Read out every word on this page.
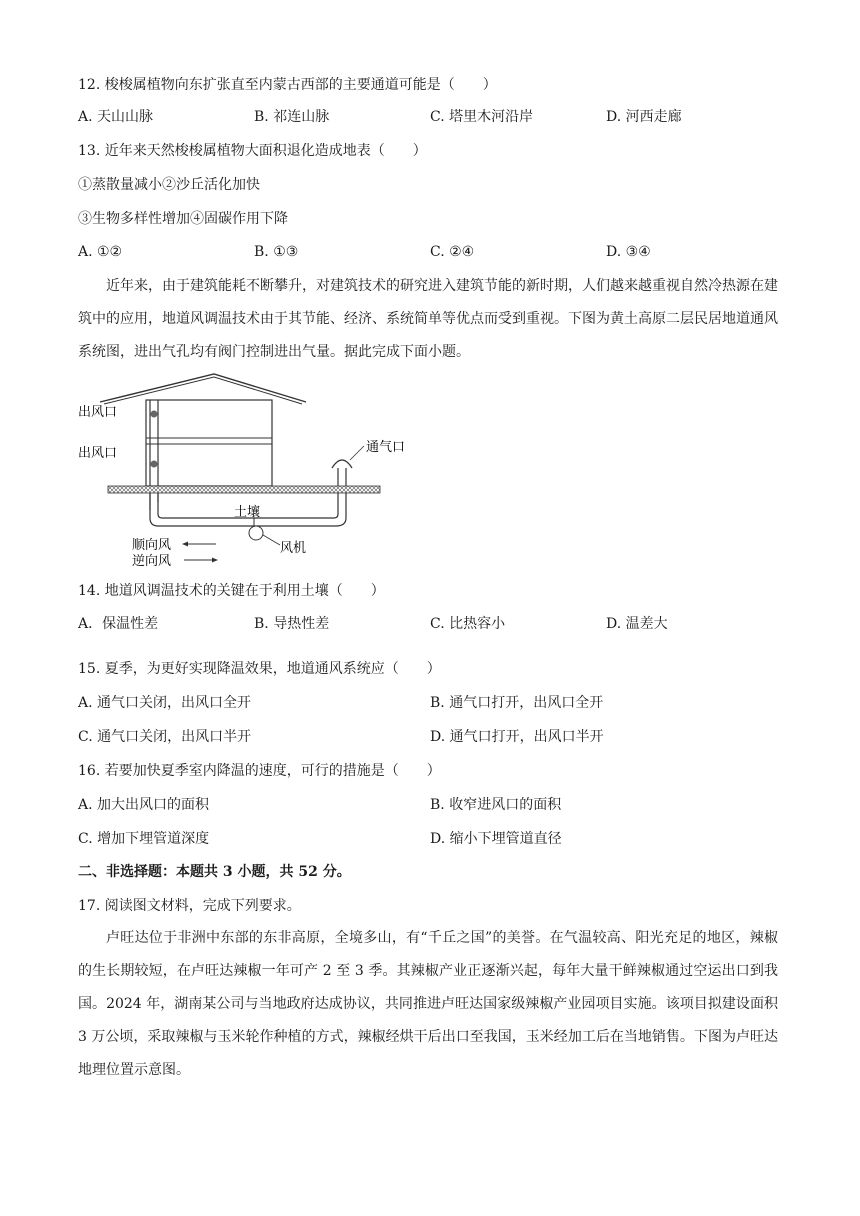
12. 梭梭属植物向东扩张直至内蒙古西部的主要通道可能是（　　）
A. 天山山脉	B. 祁连山脉	C. 塔里木河沿岸	D. 河西走廊
13. 近年来天然梭梭属植物大面积退化造成地表（　　）
①蒸散量减小②沙丘活化加快
③生物多样性增加④固碳作用下降
A. ①②	B. ①③	C. ②④	D. ③④
近年来，由于建筑能耗不断攀升，对建筑技术的研究进入建筑节能的新时期，人们越来越重视自然冷热源在建筑中的应用，地道风调温技术由于其节能、经济、系统简单等优点而受到重视。下图为黄土高原二层民居地道通风系统图，进出气孔均有阀门控制进出气量。据此完成下面小题。
出风口
出风口	通气口
土壤
风机
顺向风
逆向风
14. 地道风调温技术的关键在于利用土壤（　　）
A．保温性差	B. 导热性差	C. 比热容小	D. 温差大
15. 夏季，为更好实现降温效果，地道通风系统应（　　）
A. 通气口关闭，出风口全开	B. 通气口打开，出风口全开
C. 通气口关闭，出风口半开	D. 通气口打开，出风口半开
16. 若要加快夏季室内降温的速度，可行的措施是（　　）
A. 加大出风口的面积	B. 收窄进风口的面积
C. 增加下埋管道深度	D. 缩小下埋管道直径
二、非选择题：本题共 3 小题，共 52 分。
17. 阅读图文材料，完成下列要求。
卢旺达位于非洲中东部的东非高原，全境多山，有“千丘之国”的美誉。在气温较高、阳光充足的地区，辣椒的生长期较短，在卢旺达辣椒一年可产 2 至 3 季。其辣椒产业正逐渐兴起，每年大量干鲜辣椒通过空运出口到我国。2024 年，湖南某公司与当地政府达成协议，共同推进卢旺达国家级辣椒产业园项目实施。该项目拟建设面积 3 万公顷，采取辣椒与玉米轮作种植的方式，辣椒经烘干后出口至我国，玉米经加工后在当地销售。下图为卢旺达地理位置示意图。
